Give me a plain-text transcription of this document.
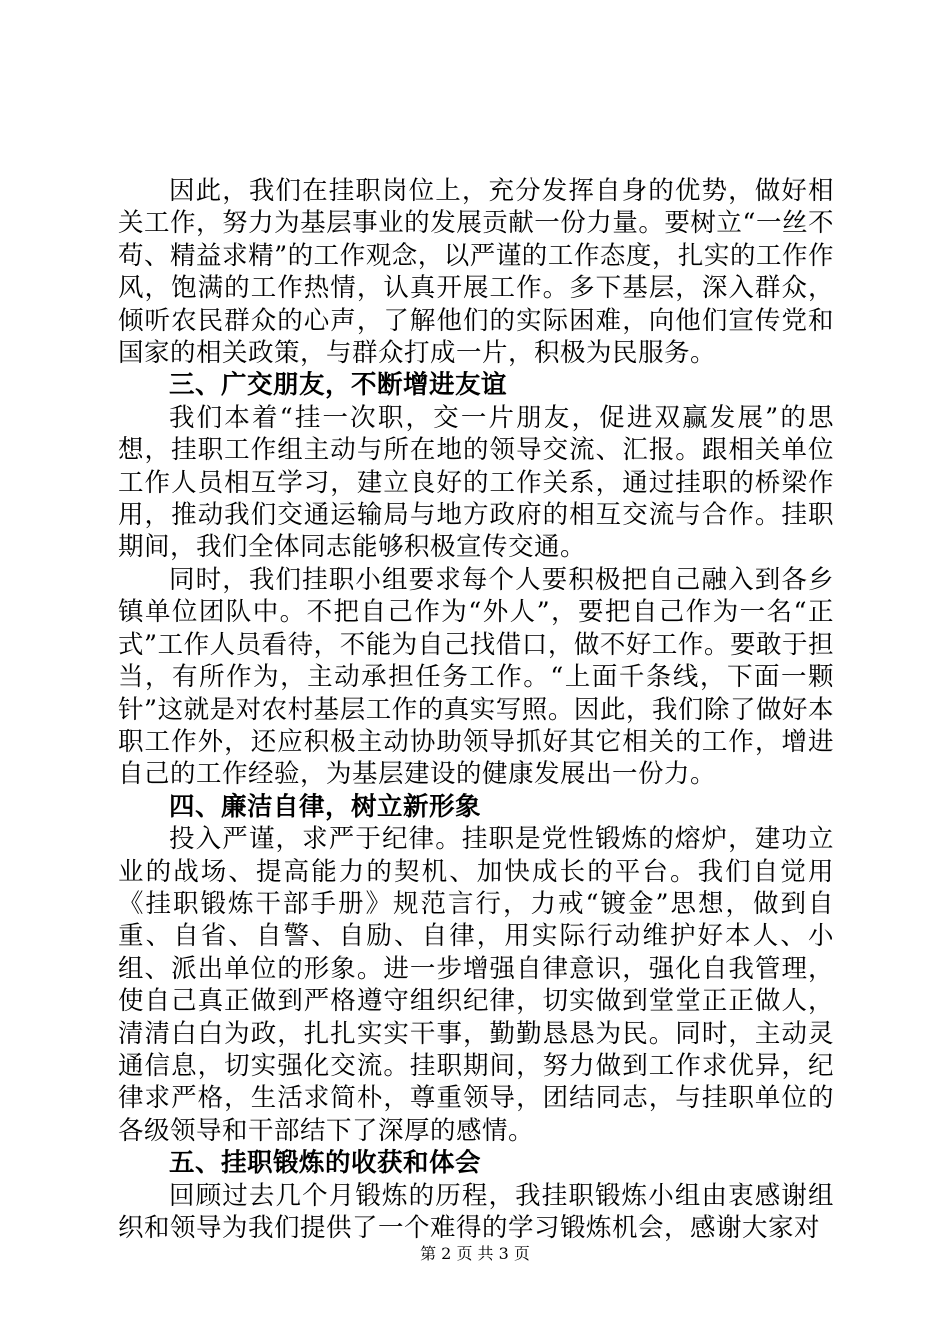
因此，我们在挂职岗位上，充分发挥自身的优势，做好相关工作，努力为基层事业的发展贡献一份力量。要树立“一丝不苟、精益求精”的工作观念，以严谨的工作态度，扎实的工作作风，饱满的工作热情，认真开展工作。多下基层，深入群众，倾听农民群众的心声，了解他们的实际困难，向他们宣传党和国家的相关政策，与群众打成一片，积极为民服务。

三、广交朋友，不断增进友谊

我们本着“挂一次职，交一片朋友，促进双赢发展”的思想，挂职工作组主动与所在地的领导交流、汇报。跟相关单位工作人员相互学习，建立良好的工作关系，通过挂职的桥梁作用，推动我们交通运输局与地方政府的相互交流与合作。挂职期间，我们全体同志能够积极宣传交通。

同时，我们挂职小组要求每个人要积极把自己融入到各乡镇单位团队中。不把自己作为“外人”，要把自己作为一名“正式”工作人员看待，不能为自己找借口，做不好工作。要敢于担当，有所作为，主动承担任务工作。“上面千条线，下面一颗针”这就是对农村基层工作的真实写照。因此，我们除了做好本职工作外，还应积极主动协助领导抓好其它相关的工作，增进自己的工作经验，为基层建设的健康发展出一份力。

四、廉洁自律，树立新形象

投入严谨，求严于纪律。挂职是党性锻炼的熔炉，建功立业的战场、提高能力的契机、加快成长的平台。我们自觉用《挂职锻炼干部手册》规范言行，力戒“镀金”思想，做到自重、自省、自警、自励、自律，用实际行动维护好本人、小组、派出单位的形象。进一步增强自律意识，强化自我管理，使自己真正做到严格遵守组织纪律，切实做到堂堂正正做人，清清白白为政，扎扎实实干事，勤勤恳恳为民。同时，主动灵通信息，切实强化交流。挂职期间，努力做到工作求优异，纪律求严格，生活求简朴，尊重领导，团结同志，与挂职单位的各级领导和干部结下了深厚的感情。

五、挂职锻炼的收获和体会

回顾过去几个月锻炼的历程，我挂职锻炼小组由衷感谢组织和领导为我们提供了一个难得的学习锻炼机会，感谢大家对

第 2 页 共 3 页
